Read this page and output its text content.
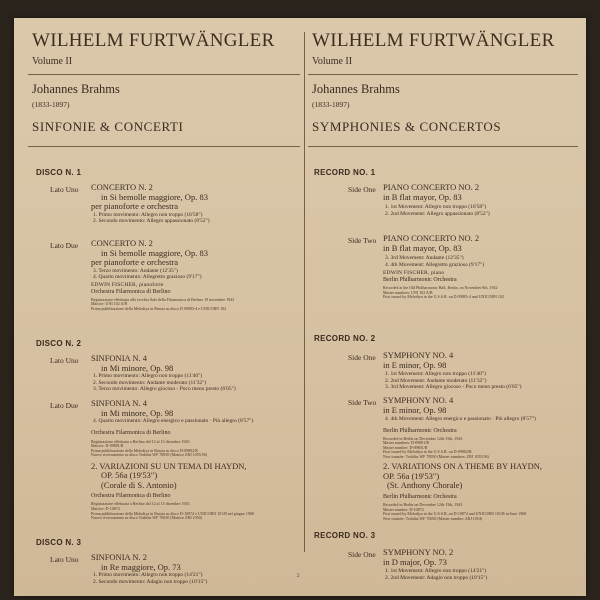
WILHELM FURTWÄNGLER
Volume II
Johannes Brahms
(1833-1897)
SINFONIE & CONCERTI
DISCO N. 1
Lato Uno CONCERTO N. 2
in Si bemolle maggiore, Op. 83
per pianoforte e orchestra
1. Primo movimento: Allegro non troppo (16'58")
2. Secondo movimento: Allegro appassionato (8'52")
Lato Due CONCERTO N. 2
in Si bemolle maggiore, Op. 83
per pianoforte e orchestra
3. Terzo movimento: Andante (12'35")
4. Quarto movimento: Allegretto grazioso (9'17")
EDWIN FISCHER, pianoforte
Orchestra Filarmonica di Berlino
Registrazione effettuata alla vecchia Sala della Filarmonica di Berlino 19 novembre 1942
Matrice: UNI 102 A/B
Prima pubblicazione della Melodiya in Russia su disco D 09883-4 e UNICORN 102
DISCO N. 2
Lato Uno SINFONIA N. 4
in Mi minore, Op. 98
1. Primo movimento: Allegro non troppo (11'40")
2. Secondo movimento: Andante moderato (11'32")
3. Terzo movimento: Allegro giocoso - Poco meno presto (6'05")
Lato Due SINFONIA N. 4
in Mi minore, Op. 98
4. Quarto movimento: Allegro energico e passionato · Più allegro (8'57")
Orchestra Filarmonica di Berlino
Registrazione effettuata a Berlino dal 12 al 15 dicembre 1943
Matrice: D-09801/R
Prima pubblicazione della Melodiya in Russia su disco D-09802/R
Nuovo riversamento su disco Toshiba WF 70050 (Matrice ZRJ 1055/56)
2. VARIAZIONI SU UN TEMA DI HAYDN,
OP. 56a (19'53")
(Corale di S. Antonio)
Orchestra Filarmonica di Berlino
Registrazione effettuata a Berlino dal 12 al 15 dicembre 1943
Matrice: D-10874
Prima pubblicazione della Melodiya in Russia su disco D-10874 e UNICORN 101/B nel giugno 1968
Nuovo riversamento su disco Toshiba WF 70050 (Matrice ZRJ 1054)
DISCO N. 3
Lato Uno SINFONIA N. 2
in Re maggiore, Op. 73
1. Primo movimento: Allegro non troppo (14'21")
2. Secondo movimento: Adagio non troppo (10'15")
WILHELM FURTWÄNGLER
Volume II
Johannes Brahms
(1833-1897)
SYMPHONIES & CONCERTOS
RECORD NO. 1
Side One PIANO CONCERTO NO. 2
in B flat mayor, Op. 83
1. 1st Movement: Allegro non troppo (16'58")
2. 2nd Movement: Allegro appassionato (8'52")
Side Two PIANO CONCERTO NO. 2
in B flat mayor, Op. 83
3. 3rd Movement: Andante (12'35")
4. 4th Movement: Allegretto grazioso (9'17")
EDWIN FISCHER, piano
Berlin Philharmonic Orchestra
Recorded at the Old Philharmonic Hall, Berlin, on November 8th, 1942
Master numbers: UNI 102 A/B
First issued by Melodiya in the U.S.S.R. on D 09883-4 and UNICORN 102
RECORD NO. 2
Side One SYMPHONY NO. 4
in E minor, Op. 98
1. 1st Movement: Allegro non troppo (11'40")
2. 2nd Movement: Andante moderato (11'32")
3. 3rd Movement: Allegro giocoso - Poco meno presto (6'05")
Side Two SYMPHONY NO. 4
in E minor, Op. 98
4. 4th Movement: Allegro energico e passionato · Più allegro (8'57")
Berlin Philharmonic Orchestra
Recorded in Berlin on December 12th-15th, 1943
Master numbers: D-09801/R
Master number: D-09801/R
First issued by Melodiya in the U.S.S.R. on D-09802/R
New transfer: Toshiba WF 70050 (Master numbers: ZRJ 1055/56)
2. VARIATIONS ON A THEME BY HAYDN,
OP. 56a (19'53")
(St. Anthony Chorale)
Berlin Philharmonic Orchestra
Recorded in Berlin on December 12th-15th, 1943
Master number: D-10874
First issued by Melodiya in the U.S.S.R. on D-10874 and UNICORN 101/B in June 1968
New transfer: Toshiba WF 70050 (Master number: ZRJ 1054)
RECORD NO. 3
Side One SYMPHONY NO. 2
in D major, Op. 73
1. 1st Movement: Allegro non troppo (14'21")
2. 2nd Movement: Adagio non troppo (10'15")
2
